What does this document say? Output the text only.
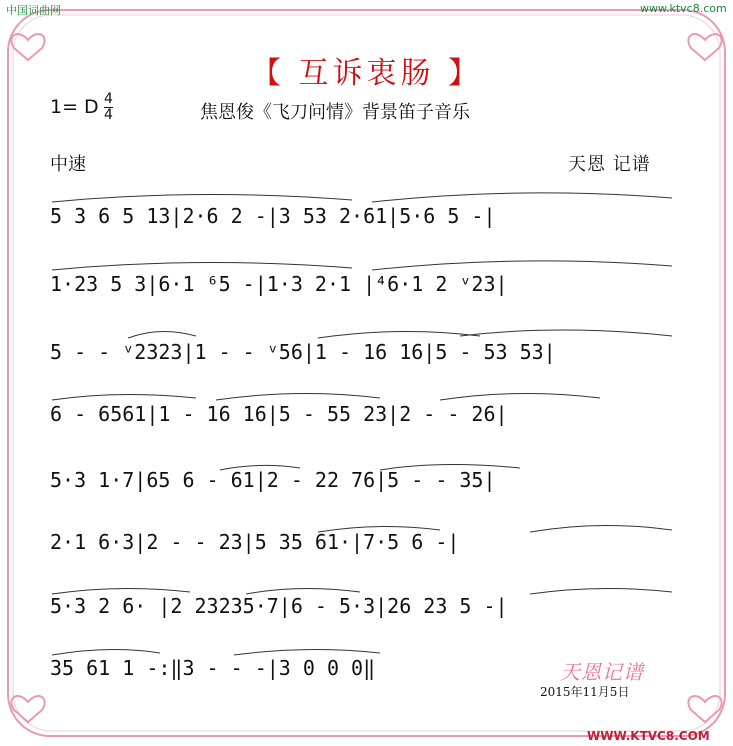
中国词曲网	www.ktvc8.com
【 互诉衷肠 】
1= D $\frac{4}{4}$	焦恩俊《飞刀问情》背景笛子音乐
中速	天恩 记谱
5 3 6 5 13|2·6 2 -|3 53 2·61|5·6 5 -|
1·23 5 3|6·1 ⁶5 -|1·3 2·1 |⁴6·1 2 ᵛ23|
5 - - ᵛ2323|1 - - ᵛ56|1 - 16 16|5 - 53 53|
6 - 6561|1 - 16 16|5 - 55 23|2 - - 26|
5·3 1·7|65 6 - 61|2 - 22 76|5 - - 35|
2·1 6·3|2 - - 23|5 35 61·|7·5 6 -|
5·3 2 6· |2 23235·7|6 - 5·3|26 23 5 -|
35 61 1 -:‖3 - - -|3 0 0 0‖	天恩记谱
2015年11月5日
WWW.KTVC8.COM
